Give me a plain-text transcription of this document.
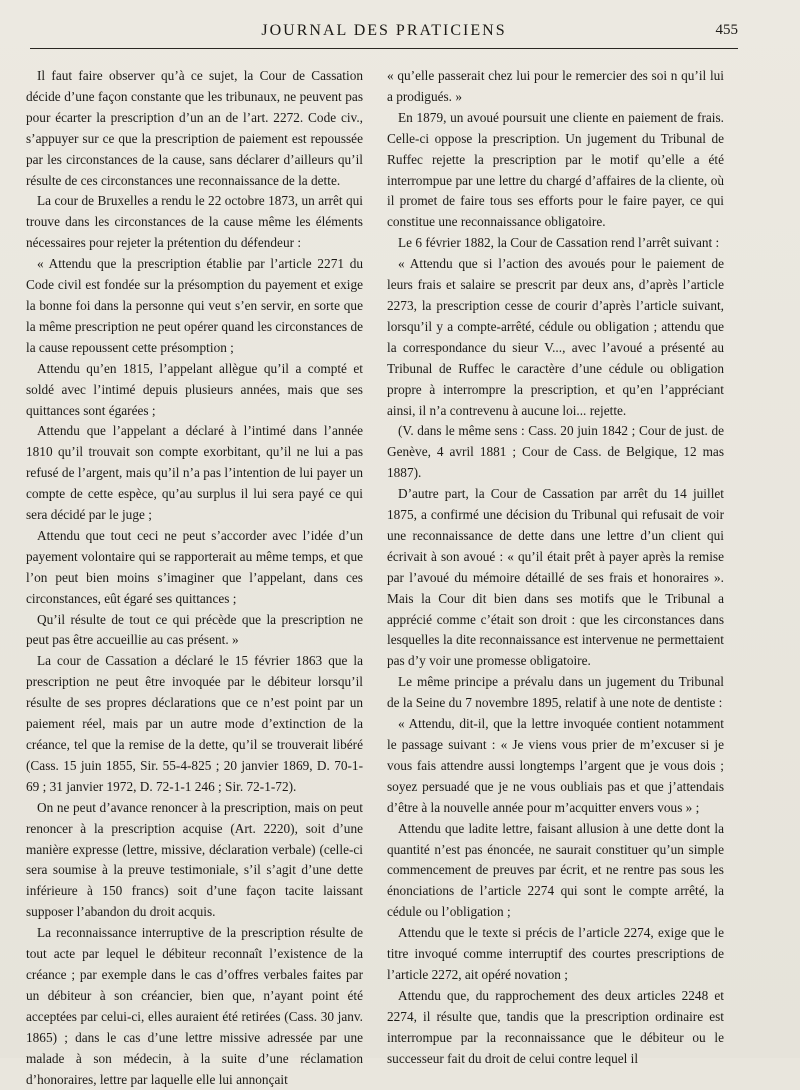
JOURNAL DES PRATICIENS	455

Il faut faire observer qu’à ce sujet, la Cour de Cassation décide d’une façon constante que les tribunaux, ne peuvent pas pour écarter la prescription d’un an de l’art. 2272. Code civ., s’appuyer sur ce que la prescription de paiement est repoussée par les circonstances de la cause, sans déclarer d’ailleurs qu’il résulte de ces circonstances une reconnaissance de la dette.

La cour de Bruxelles a rendu le 22 octobre 1873, un arrêt qui trouve dans les circonstances de la cause même les éléments nécessaires pour rejeter la prétention du défendeur :

« Attendu que la prescription établie par l’article 2271 du Code civil est fondée sur la présomption du payement et exige la bonne foi dans la personne qui veut s’en servir, en sorte que la même prescription ne peut opérer quand les circonstances de la cause repoussent cette présomption ;

Attendu qu’en 1815, l’appelant allègue qu’il a compté et soldé avec l’intimé depuis plusieurs années, mais que ses quittances sont égarées ;

Attendu que l’appelant a déclaré à l’intimé dans l’année 1810 qu’il trouvait son compte exorbitant, qu’il ne lui a pas refusé de l’argent, mais qu’il n’a pas l’intention de lui payer un compte de cette espèce, qu’au surplus il lui sera payé ce qui sera décidé par le juge ;

Attendu que tout ceci ne peut s’accorder avec l’idée d’un payement volontaire qui se rapporterait au même temps, et que l’on peut bien moins s’imaginer que l’appelant, dans ces circonstances, eût égaré ses quittances ;

Qu’il résulte de tout ce qui précède que la prescription ne peut pas être accueillie au cas présent. »

La cour de Cassation a déclaré le 15 février 1863 que la prescription ne peut être invoquée par le débiteur lorsqu’il résulte de ses propres déclarations que ce n’est point par un paiement réel, mais par un autre mode d’extinction de la créance, tel que la remise de la dette, qu’il se trouverait libéré (Cass. 15 juin 1855, Sir. 55-4-825 ; 20 janvier 1869, D. 70-1-69 ; 31 janvier 1972, D. 72-1-1 246 ; Sir. 72-1-72).

On ne peut d’avance renoncer à la prescription, mais on peut renoncer à la prescription acquise (Art. 2220), soit d’une manière expresse (lettre, missive, déclaration verbale) (celle-ci sera soumise à la preuve testimoniale, s’il s’agit d’une dette inférieure à 150 francs) soit d’une façon tacite laissant supposer l’abandon du droit acquis.

La reconnaissance interruptive de la prescription résulte de tout acte par lequel le débiteur reconnaît l’existence de la créance ; par exemple dans le cas d’offres verbales faites par un débiteur à son créancier, bien que, n’ayant point été acceptées par celui-ci, elles auraient été retirées (Cass. 30 janv. 1865) ; dans le cas d’une lettre missive adressée par une malade à son médecin, à la suite d’une réclamation d’honoraires, lettre par laquelle elle lui annonçait

« qu’elle passerait chez lui pour le remercier des soi n qu’il lui a prodigués. »

En 1879, un avoué poursuit une cliente en paiement de frais. Celle-ci oppose la prescription. Un jugement du Tribunal de Ruffec rejette la prescription par le motif qu’elle a été interrompue par une lettre du chargé d’affaires de la cliente, où il promet de faire tous ses efforts pour le faire payer, ce qui constitue une reconnaissance obligatoire.

Le 6 février 1882, la Cour de Cassation rend l’arrêt suivant :

« Attendu que si l’action des avoués pour le paiement de leurs frais et salaire se prescrit par deux ans, d’après l’article 2273, la prescription cesse de courir d’après l’article suivant, lorsqu’il y a compte-arrêté, cédule ou obligation ; attendu que la correspondance du sieur V..., avec l’avoué a présenté au Tribunal de Ruffec le caractère d’une cédule ou obligation propre à interrompre la prescription, et qu’en l’appréciant ainsi, il n’a contrevenu à aucune loi... rejette.

(V. dans le même sens : Cass. 20 juin 1842 ; Cour de just. de Genève, 4 avril 1881 ; Cour de Cass. de Belgique, 12 mas 1887).

D’autre part, la Cour de Cassation par arrêt du 14 juillet 1875, a confirmé une décision du Tribunal qui refusait de voir une reconnaissance de dette dans une lettre d’un client qui écrivait à son avoué : « qu’il était prêt à payer après la remise par l’avoué du mémoire détaillé de ses frais et honoraires ». Mais la Cour dit bien dans ses motifs que le Tribunal a apprécié comme c’était son droit : que les circonstances dans lesquelles la dite reconnaissance est intervenue ne permettaient pas d’y voir une promesse obligatoire.

Le même principe a prévalu dans un jugement du Tribunal de la Seine du 7 novembre 1895, relatif à une note de dentiste :

« Attendu, dit-il, que la lettre invoquée contient notamment le passage suivant : « Je viens vous prier de m’excuser si je vous fais attendre aussi longtemps l’argent que je vous dois ; soyez persuadé que je ne vous oubliais pas et que j’attendais d’être à la nouvelle année pour m’acquitter envers vous » ;

Attendu que ladite lettre, faisant allusion à une dette dont la quantité n’est pas énoncée, ne saurait constituer qu’un simple commencement de preuves par écrit, et ne rentre pas sous les énonciations de l’article 2274 qui sont le compte arrêté, la cédule ou l’obligation ;

Attendu que le texte si précis de l’article 2274, exige que le titre invoqué comme interruptif des courtes prescriptions de l’article 2272, ait opéré novation ;

Attendu que, du rapprochement des deux articles 2248 et 2274, il résulte que, tandis que la prescription ordinaire est interrompue par la reconnaissance que le débiteur ou le successeur fait du droit de celui contre lequel il
